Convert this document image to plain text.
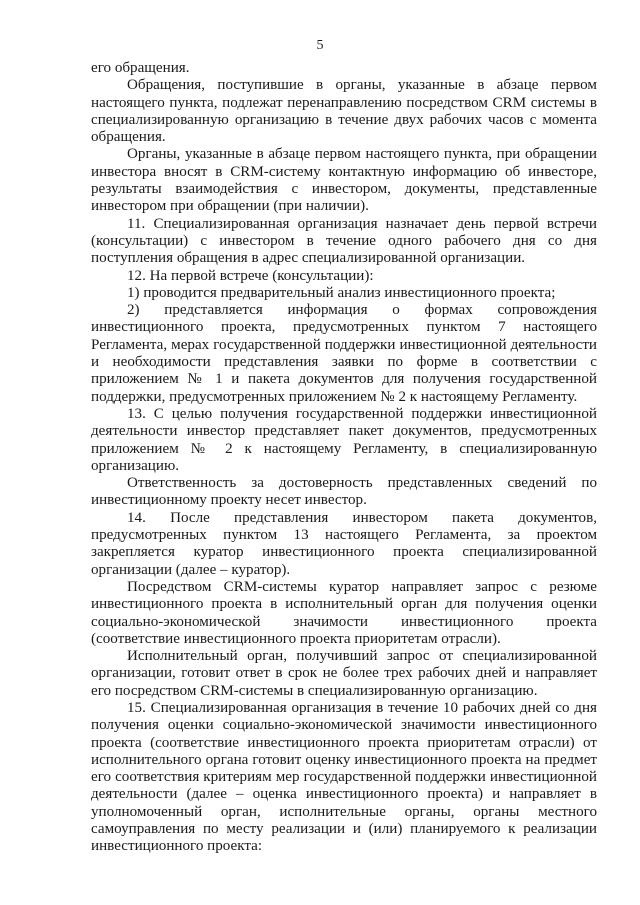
5

его обращения.

Обращения, поступившие в органы, указанные в абзаце первом настоящего пункта, подлежат перенаправлению посредством CRM системы в специализированную организацию в течение двух рабочих часов с момента обращения.

Органы, указанные в абзаце первом настоящего пункта, при обращении инвестора вносят в CRM-систему контактную информацию об инвесторе, результаты взаимодействия с инвестором, документы, представленные инвестором при обращении (при наличии).

11. Специализированная организация назначает день первой встречи (консультации) с инвестором в течение одного рабочего дня со дня поступления обращения в адрес специализированной организации.

12. На первой встрече (консультации):

1) проводится предварительный анализ инвестиционного проекта;

2) представляется информация о формах сопровождения инвестиционного проекта, предусмотренных пунктом 7 настоящего Регламента, мерах государственной поддержки инвестиционной деятельности и необходимости представления заявки по форме в соответствии с приложением № 1 и пакета документов для получения государственной поддержки, предусмотренных приложением № 2 к настоящему Регламенту.

13. С целью получения государственной поддержки инвестиционной деятельности инвестор представляет пакет документов, предусмотренных приложением № 2 к настоящему Регламенту, в специализированную организацию.

Ответственность за достоверность представленных сведений по инвестиционному проекту несет инвестор.

14. После представления инвестором пакета документов, предусмотренных пунктом 13 настоящего Регламента, за проектом закрепляется куратор инвестиционного проекта специализированной организации (далее – куратор).

Посредством CRM-системы куратор направляет запрос с резюме инвестиционного проекта в исполнительный орган для получения оценки социально-экономической значимости инвестиционного проекта (соответствие инвестиционного проекта приоритетам отрасли).

Исполнительный орган, получивший запрос от специализированной организации, готовит ответ в срок не более трех рабочих дней и направляет его посредством CRM-системы в специализированную организацию.

15. Специализированная организация в течение 10 рабочих дней со дня получения оценки социально-экономической значимости инвестиционного проекта (соответствие инвестиционного проекта приоритетам отрасли) от исполнительного органа готовит оценку инвестиционного проекта на предмет его соответствия критериям мер государственной поддержки инвестиционной деятельности (далее – оценка инвестиционного проекта) и направляет в уполномоченный орган, исполнительные органы, органы местного самоуправления по месту реализации и (или) планируемого к реализации инвестиционного проекта:
